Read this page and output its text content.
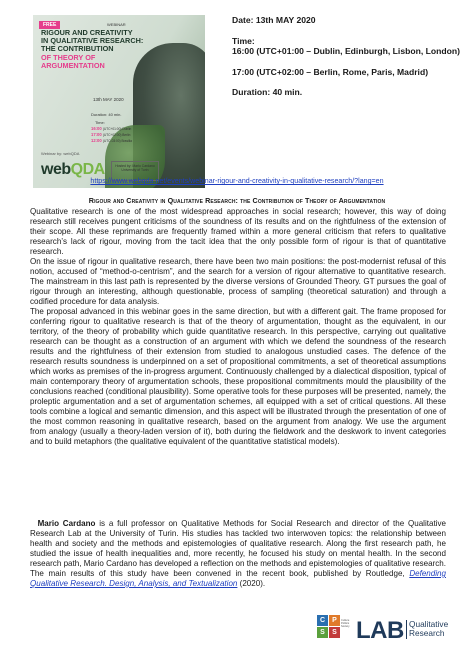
FREE	WEBINAR
RIGOUR AND CREATIVITY
IN QUALITATIVE RESEARCH:
THE CONTRIBUTION
OF THEORY OF
ARGUMENTATION
13th MAY 2020
Duration: 40 min.
Time:
16:00 (UTC+01:00) Dublin
17:00 (UTC+02:00) Berlin
12:00 (UTC-03:00) Brasilia
Webinar by: webQDA
webQDA	Hosted by: Mario Cardano University of Turin

Date: 13th MAY 2020

Time:

16:00 (UTC+01:00 – Dublin, Edinburgh, Lisbon, London)

17:00 (UTC+02:00 – Berlin, Rome, Paris, Madrid)

Duration: 40 min.

https://www.webqda.net/events/webinar-rigour-and-creativity-in-qualitative-research/?lang=en
Rigour and Creativity in Qualitative Research: the Contribution of Theory of Argumentation

Qualitative research is one of the most widespread approaches in social research; however, this way of doing research still receives pungent criticisms of the soundness of its results and on the rightfulness of the extension of their scope. All these reprimands are frequently framed within a more general criticism that refers to qualitative research’s lack of rigour, moving from the tacit idea that the only possible form of rigour is that of quantitative research.

On the issue of rigour in qualitative research, there have been two main positions: the post-modernist refusal of this notion, accused of “method-o-centrism”, and the search for a version of rigour alternative to quantitative research. The mainstream in this last path is represented by the diverse versions of Grounded Theory. GT pursues the goal of rigour through an interesting, although questionable, process of sampling (theoretical saturation) and through a codified procedure for data analysis.

The proposal advanced in this webinar goes in the same direction, but with a different gait. The frame proposed for conferring rigour to qualitative research is that of the theory of argumentation, thought as the equivalent, in our territory, of the theory of probability which guide quantitative research. In this perspective, carrying out qualitative research can be thought as a construction of an argument with which we defend the soundness of the research results and the rightfulness of their extension from studied to analogous unstudied cases. The defence of the research results soundness is underpinned on a set of propositional commitments, a set of theoretical assumptions which works as premises of the in-progress argument. Continuously challenged by a dialectical disposition, typical of main contemporary theory of argumentation schools, these propositional commitments mould the plausibility of the conclusions reached (conditional plausibility). Some operative tools for these purposes will be presented, namely, the proleptic argumentation and a set of argumentation schemes, all equipped with a set of critical questions. All these tools combine a logical and semantic dimension, and this aspect will be illustrated through the presentation of one of the most common reasoning in qualitative research, based on the argument from analogy. We use the argument from analogy (usually a theory-laden version of it), both during the fieldwork and the deskwork to invent categories and to build metaphors (the qualitative equivalent of the quantitative statistical models).

Mario Cardano is a full professor on Qualitative Methods for Social Research and director of the Qualitative Research Lab at the University of Turin. His studies has tackled two interwoven topics: the relationship between health and society and the methods and epistemologies of qualitative research. Along the first research path, he studied the issue of health inequalities and, more recently, he focused his study on mental health. In the second research path, Mario Cardano has developed a reflection on the methods and epistemologies of qualitative research. The main results of this study have been convened in the recent book, published by Routledge, Defending Qualitative Research. Design, Analysis, and Textualization (2020).

C	P
S	S
Culture Politics Society LAB Qualitative
Research
